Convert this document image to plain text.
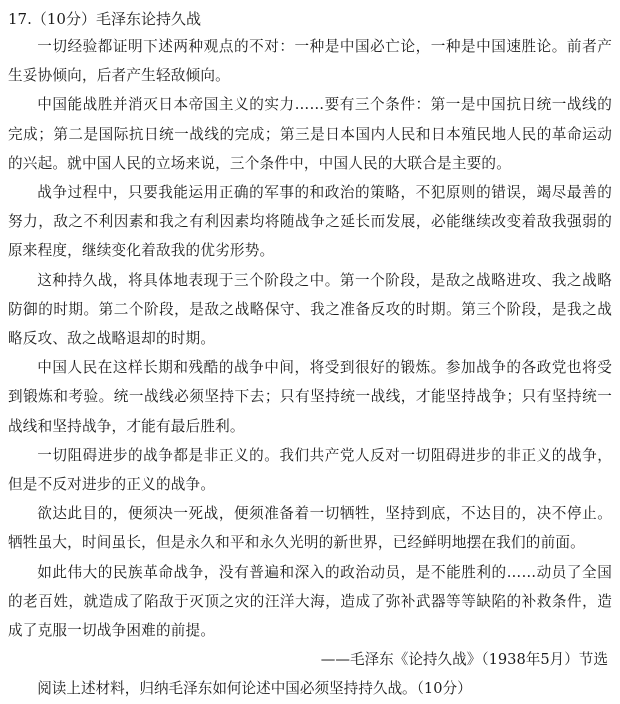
17.（10分）毛泽东论持久战

一切经验都证明下述两种观点的不对：一种是中国必亡论，一种是中国速胜论。前者产生妥协倾向，后者产生轻敌倾向。

中国能战胜并消灭日本帝国主义的实力……要有三个条件：第一是中国抗日统一战线的完成；第二是国际抗日统一战线的完成；第三是日本国内人民和日本殖民地人民的革命运动的兴起。就中国人民的立场来说，三个条件中，中国人民的大联合是主要的。

战争过程中，只要我能运用正确的军事的和政治的策略，不犯原则的错误，竭尽最善的努力，敌之不利因素和我之有利因素均将随战争之延长而发展，必能继续改变着敌我强弱的原来程度，继续变化着敌我的优劣形势。

这种持久战，将具体地表现于三个阶段之中。第一个阶段，是敌之战略进攻、我之战略防御的时期。第二个阶段，是敌之战略保守、我之准备反攻的时期。第三个阶段，是我之战略反攻、敌之战略退却的时期。

中国人民在这样长期和残酷的战争中间，将受到很好的锻炼。参加战争的各政党也将受到锻炼和考验。统一战线必须坚持下去；只有坚持统一战线，才能坚持战争；只有坚持统一战线和坚持战争，才能有最后胜利。

一切阻碍进步的战争都是非正义的。我们共产党人反对一切阻碍进步的非正义的战争，但是不反对进步的正义的战争。

欲达此目的，便须决一死战，便须准备着一切牺牲，坚持到底，不达目的，决不停止。牺牲虽大，时间虽长，但是永久和平和永久光明的新世界，已经鲜明地摆在我们的前面。

如此伟大的民族革命战争，没有普遍和深入的政治动员，是不能胜利的……动员了全国的老百姓，就造成了陷敌于灭顶之灾的汪洋大海，造成了弥补武器等等缺陷的补救条件，造成了克服一切战争困难的前提。

——毛泽东《论持久战》（1938年5月）节选

阅读上述材料，归纳毛泽东如何论述中国必须坚持持久战。（10分）
